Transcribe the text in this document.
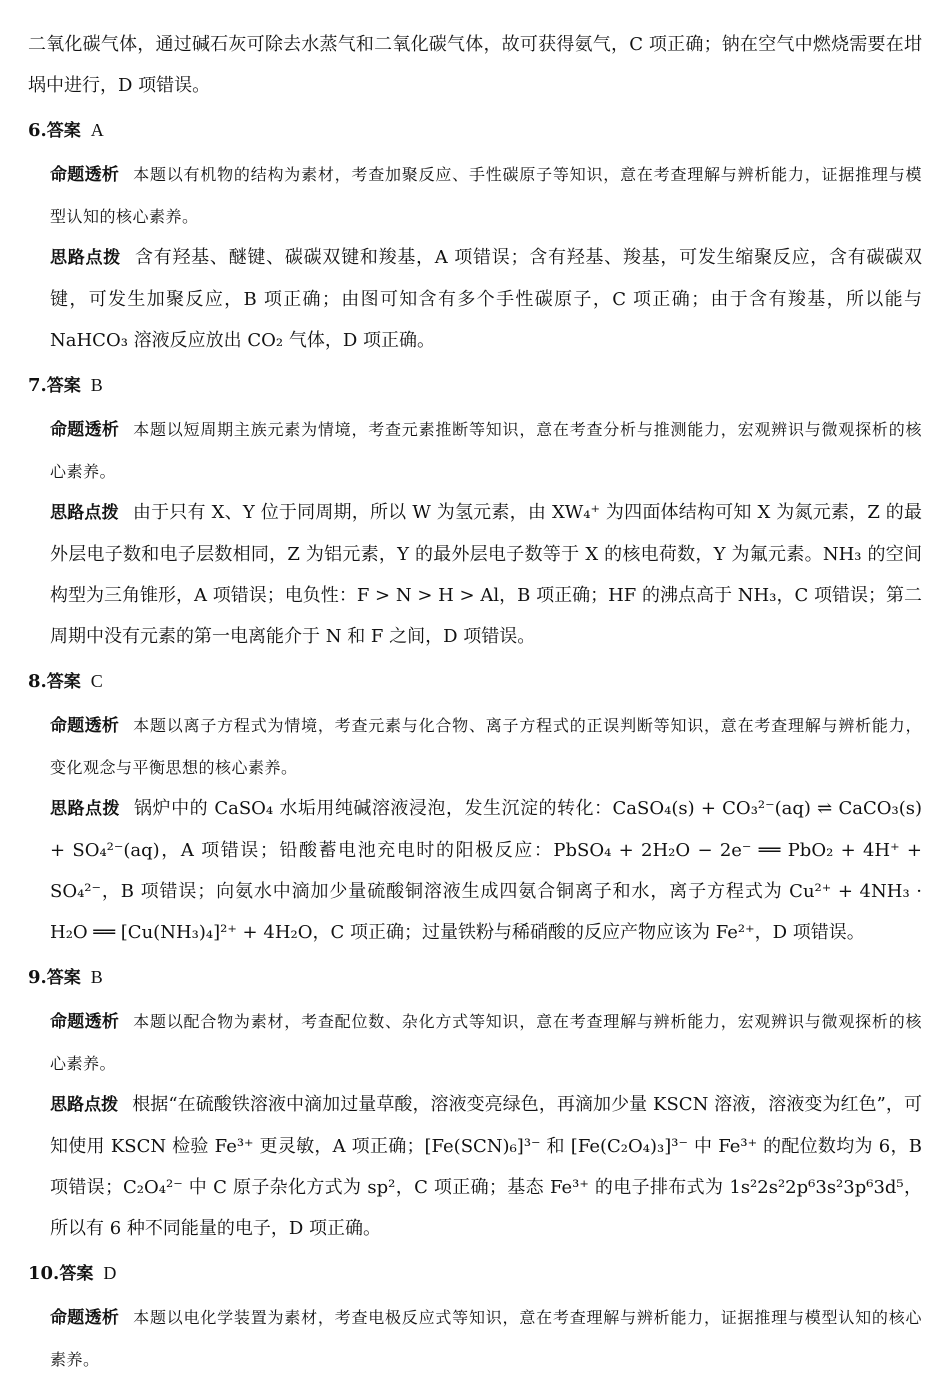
二氧化碳气体，通过碱石灰可除去水蒸气和二氧化碳气体，故可获得氨气，C 项正确；钠在空气中燃烧需要在坩埚中进行，D 项错误。

6.答案 A

命题透析 本题以有机物的结构为素材，考查加聚反应、手性碳原子等知识，意在考查理解与辨析能力，证据推理与模型认知的核心素养。

思路点拨 含有羟基、醚键、碳碳双键和羧基，A 项错误；含有羟基、羧基，可发生缩聚反应，含有碳碳双键，可发生加聚反应，B 项正确；由图可知含有多个手性碳原子，C 项正确；由于含有羧基，所以能与 NaHCO₃ 溶液反应放出 CO₂ 气体，D 项正确。

7.答案 B

命题透析 本题以短周期主族元素为情境，考查元素推断等知识，意在考查分析与推测能力，宏观辨识与微观探析的核心素养。

思路点拨 由于只有 X、Y 位于同周期，所以 W 为氢元素，由 XW₄⁺ 为四面体结构可知 X 为氮元素，Z 的最外层电子数和电子层数相同，Z 为铝元素，Y 的最外层电子数等于 X 的核电荷数，Y 为氟元素。NH₃ 的空间构型为三角锥形，A 项错误；电负性：F > N > H > Al，B 项正确；HF 的沸点高于 NH₃，C 项错误；第二周期中没有元素的第一电离能介于 N 和 F 之间，D 项错误。

8.答案 C

命题透析 本题以离子方程式为情境，考查元素与化合物、离子方程式的正误判断等知识，意在考查理解与辨析能力，变化观念与平衡思想的核心素养。

思路点拨 锅炉中的 CaSO₄ 水垢用纯碱溶液浸泡，发生沉淀的转化：CaSO₄(s) + CO₃²⁻(aq) ⇌ CaCO₃(s) + SO₄²⁻(aq)，A 项错误；铅酸蓄电池充电时的阳极反应：PbSO₄ + 2H₂O − 2e⁻ ══ PbO₂ + 4H⁺ + SO₄²⁻，B 项错误；向氨水中滴加少量硫酸铜溶液生成四氨合铜离子和水，离子方程式为 Cu²⁺ + 4NH₃ · H₂O ══ [Cu(NH₃)₄]²⁺ + 4H₂O，C 项正确；过量铁粉与稀硝酸的反应产物应该为 Fe²⁺，D 项错误。

9.答案 B

命题透析 本题以配合物为素材，考查配位数、杂化方式等知识，意在考查理解与辨析能力，宏观辨识与微观探析的核心素养。

思路点拨 根据“在硫酸铁溶液中滴加过量草酸，溶液变亮绿色，再滴加少量 KSCN 溶液，溶液变为红色”，可知使用 KSCN 检验 Fe³⁺ 更灵敏，A 项正确；[Fe(SCN)₆]³⁻ 和 [Fe(C₂O₄)₃]³⁻ 中 Fe³⁺ 的配位数均为 6，B 项错误；C₂O₄²⁻ 中 C 原子杂化方式为 sp²，C 项正确；基态 Fe³⁺ 的电子排布式为 1s²2s²2p⁶3s²3p⁶3d⁵，所以有 6 种不同能量的电子，D 项正确。

10.答案 D

命题透析 本题以电化学装置为素材，考查电极反应式等知识，意在考查理解与辨析能力，证据推理与模型认知的核心素养。
